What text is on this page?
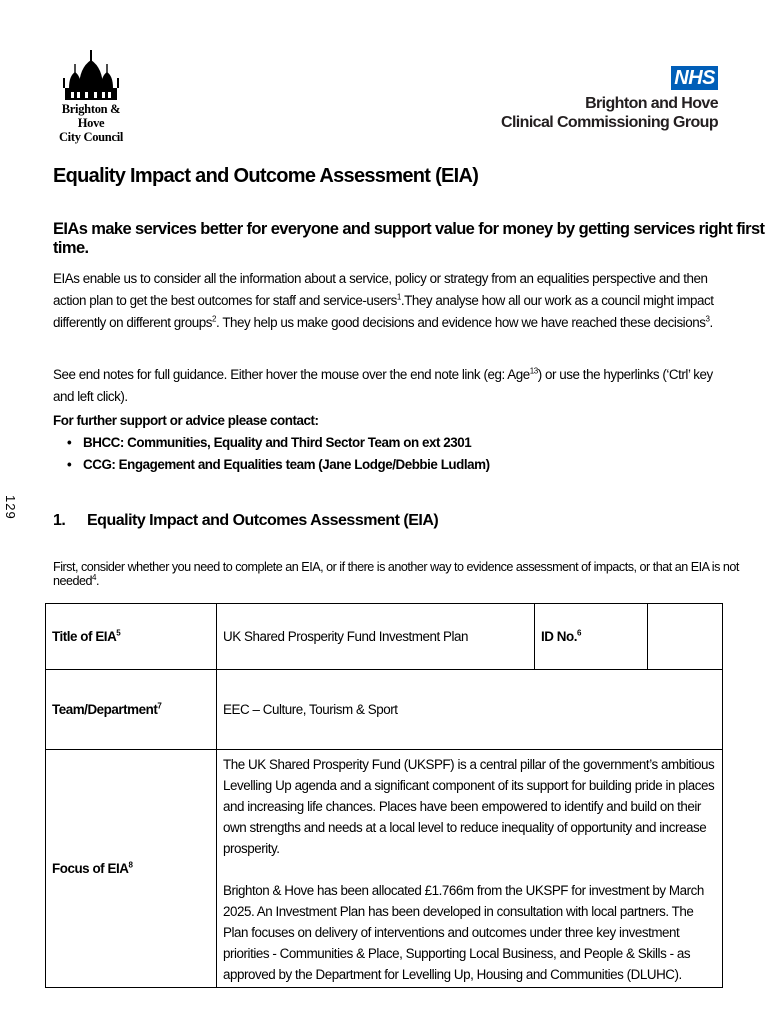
Brighton & Hove
City Council
NHS
Brighton and Hove
Clinical Commissioning Group
129
Equality Impact and Outcome Assessment (EIA)
EIAs make services better for everyone and support value for money by getting services right first time.
EIAs enable us to consider all the information about a service, policy or strategy from an equalities perspective and then action plan to get the best outcomes for staff and service-users$^1$.They analyse how all our work as a council might impact differently on different groups$^2$. They help us make good decisions and evidence how we have reached these decisions$^3$.
See end notes for full guidance. Either hover the mouse over the end note link (eg: Age$^{13}$) or use the hyperlinks (‘Ctrl’ key and left click).
For further support or advice please contact:
• BHCC: Communities, Equality and Third Sector Team on ext 2301
• CCG: Engagement and Equalities team (Jane Lodge/Debbie Ludlam)
1. Equality Impact and Outcomes Assessment (EIA)
First, consider whether you need to complete an EIA, or if there is another way to evidence assessment of impacts, or that an EIA is not needed$^4$.
Title of EIA$^5$	UK Shared Prosperity Fund Investment Plan	ID No.$^6$	
Team/Department$^7$	EEC – Culture, Tourism & Sport		
Focus of EIA$^8$	The UK Shared Prosperity Fund (UKSPF) is a central pillar of the government’s ambitious Levelling Up agenda and a significant component of its support for building pride in places and increasing life chances. Places have been empowered to identify and build on their own strengths and needs at a local level to reduce inequality of opportunity and increase prosperity.

Brighton & Hove has been allocated £1.766m from the UKSPF for investment by March 2025. An Investment Plan has been developed in consultation with local partners. The Plan focuses on delivery of interventions and outcomes under three key investment priorities - Communities & Place, Supporting Local Business, and People & Skills - as approved by the Department for Levelling Up, Housing and Communities (DLUHC).		
